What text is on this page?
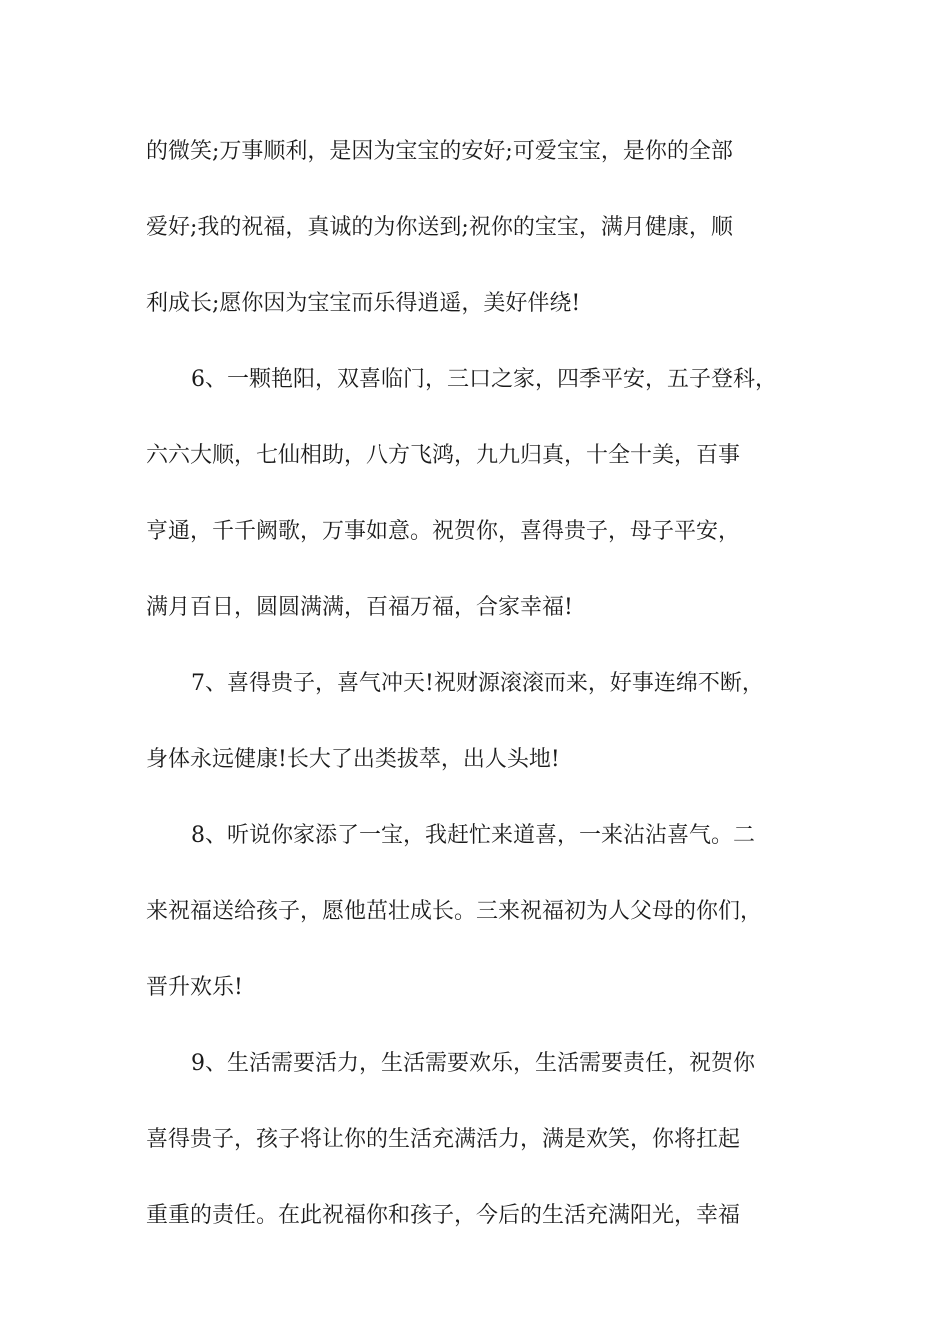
的微笑;万事顺利，是因为宝宝的安好;可爱宝宝，是你的全部
爱好;我的祝福，真诚的为你送到;祝你的宝宝，满月健康，顺
利成长;愿你因为宝宝而乐得逍遥，美好伴绕!
6、一颗艳阳，双喜临门，三口之家，四季平安，五子登科，
六六大顺，七仙相助，八方飞鸿，九九归真，十全十美，百事
亨通，千千阙歌，万事如意。祝贺你，喜得贵子，母子平安，
满月百日，圆圆满满，百福万福，合家幸福!
7、喜得贵子，喜气冲天!祝财源滚滚而来，好事连绵不断，
身体永远健康!长大了出类拔萃，出人头地!
8、听说你家添了一宝，我赶忙来道喜，一来沾沾喜气。二
来祝福送给孩子，愿他茁壮成长。三来祝福初为人父母的你们，
晋升欢乐!
9、生活需要活力，生活需要欢乐，生活需要责任，祝贺你
喜得贵子，孩子将让你的生活充满活力，满是欢笑，你将扛起
重重的责任。在此祝福你和孩子，今后的生活充满阳光，幸福
